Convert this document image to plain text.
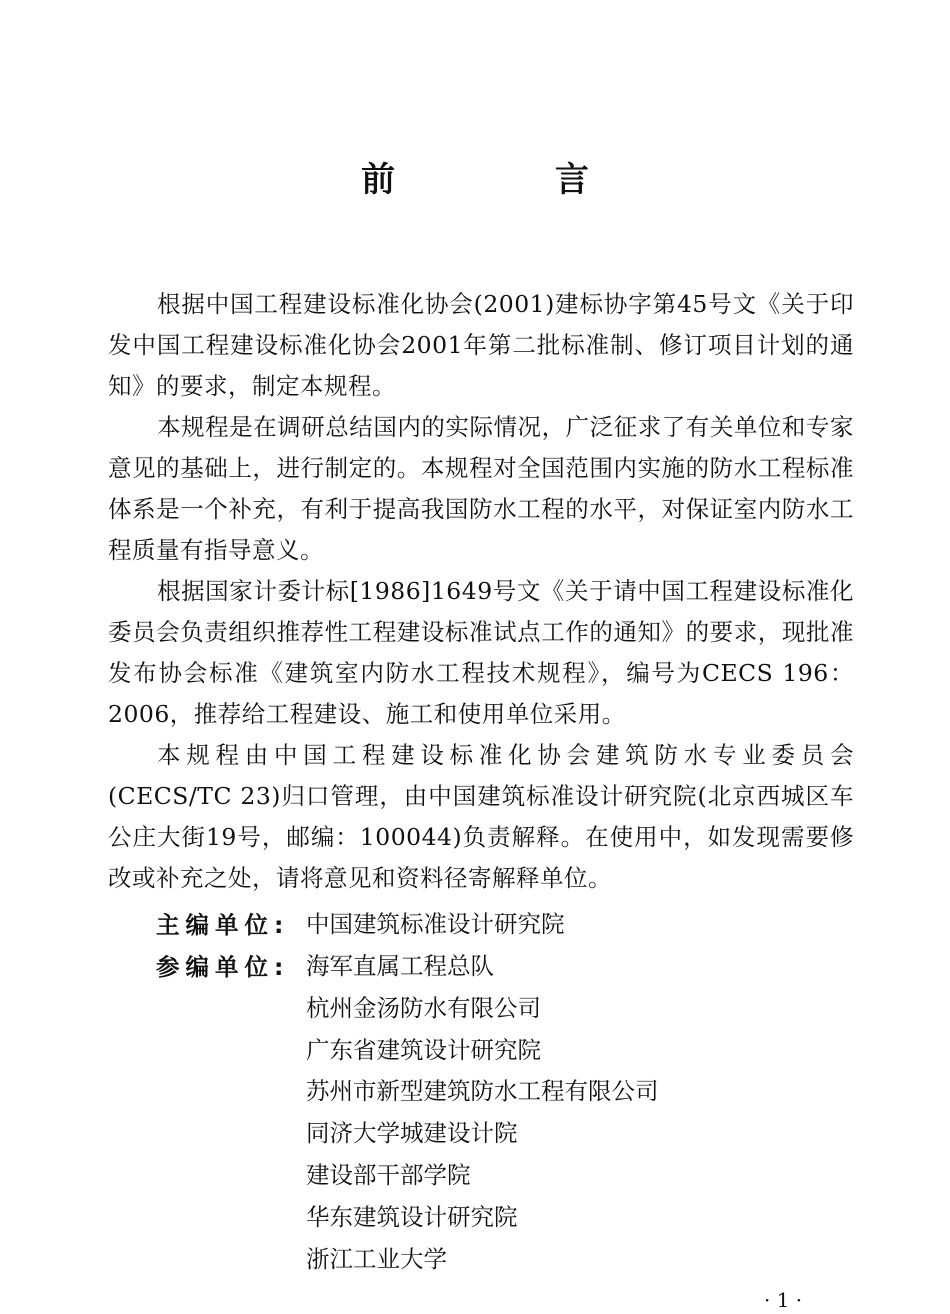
前 言

根据中国工程建设标准化协会(2001)建标协字第45号文《关于印发中国工程建设标准化协会2001年第二批标准制、修订项目计划的通知》的要求，制定本规程。

本规程是在调研总结国内的实际情况，广泛征求了有关单位和专家意见的基础上，进行制定的。本规程对全国范围内实施的防水工程标准体系是一个补充，有利于提高我国防水工程的水平，对保证室内防水工程质量有指导意义。

根据国家计委计标[1986]1649号文《关于请中国工程建设标准化委员会负责组织推荐性工程建设标准试点工作的通知》的要求，现批准发布协会标准《建筑室内防水工程技术规程》，编号为CECS 196：2006，推荐给工程建设、施工和使用单位采用。

本规程由中国工程建设标准化协会建筑防水专业委员会(CECS/TC 23)归口管理，由中国建筑标准设计研究院(北京西城区车公庄大街19号，邮编：100044)负责解释。在使用中，如发现需要修改或补充之处，请将意见和资料径寄解释单位。

主编单位: 中国建筑标准设计研究院
参编单位: 海军直属工程总队
杭州金汤防水有限公司
广东省建筑设计研究院
苏州市新型建筑防水工程有限公司
同济大学城建设计院
建设部干部学院
华东建筑设计研究院
浙江工业大学
· 1 ·
